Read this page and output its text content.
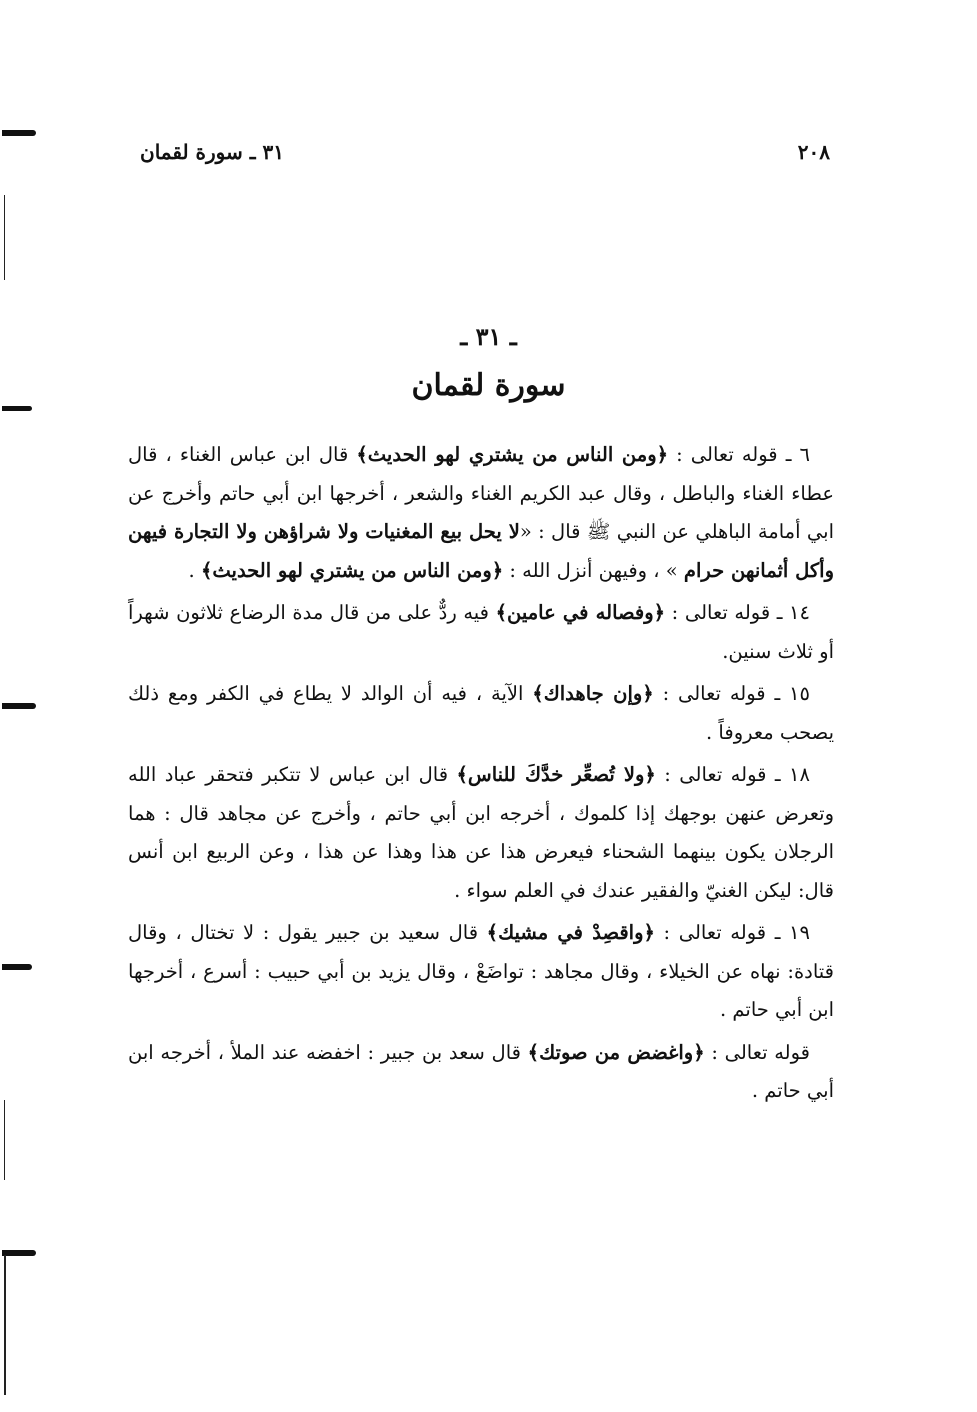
٢٠٨
٣١ ـ سورة لقمان
ـ ٣١ ـ
سورة لقمان

٦ ـ قوله تعالى : ﴿ومن الناس من يشتري لهو الحديث﴾ قال ابن عباس الغناء ، قال عطاء الغناء والباطل ، وقال عبد الكريم الغناء والشعر ، أخرجها ابن أبي حاتم وأخرج عن ابي أمامة الباهلي عن النبي ﷺ قال : «لا يحل بيع المغنيات ولا شراؤهن ولا التجارة فيهن وأكل أثمانهن حرام » ، وفيهن أنزل الله : ﴿ومن الناس من يشتري لهو الحديث﴾ .

١٤ ـ قوله تعالى : ﴿وفصاله في عامين﴾ فيه ردٌّ على من قال مدة الرضاع ثلاثون شهراً أو ثلاث سنين.

١٥ ـ قوله تعالى : ﴿وإن جاهداك﴾ الآية ، فيه أن الوالد لا يطاع في الكفر ومع ذلك يصحب معروفاً .

١٨ ـ قوله تعالى : ﴿ولا تُصعِّر خدَّكَ للناس﴾ قال ابن عباس لا تتكبر فتحقر عباد الله وتعرض عنهن بوجهك إذا كلموك ، أخرجه ابن أبي حاتم ، وأخرج عن مجاهد قال : هما الرجلان يكون بينهما الشحناء فيعرض هذا عن هذا وهذا عن هذا ، وعن الربيع ابن أنس قال: ليكن الغنيّ والفقير عندك في العلم سواء .

١٩ ـ قوله تعالى : ﴿واقصِدْ في مشيك﴾ قال سعيد بن جبير يقول : لا تختال ، وقال قتادة: نهاه عن الخيلاء ، وقال مجاهد : تواضَعْ ، وقال يزيد بن أبي حبيب : أسرع ، أخرجها ابن أبي حاتم .

قوله تعالى : ﴿واغضض من صوتك﴾ قال سعد بن جبير : اخفضه عند الملأ ، أخرجه ابن أبي حاتم .
